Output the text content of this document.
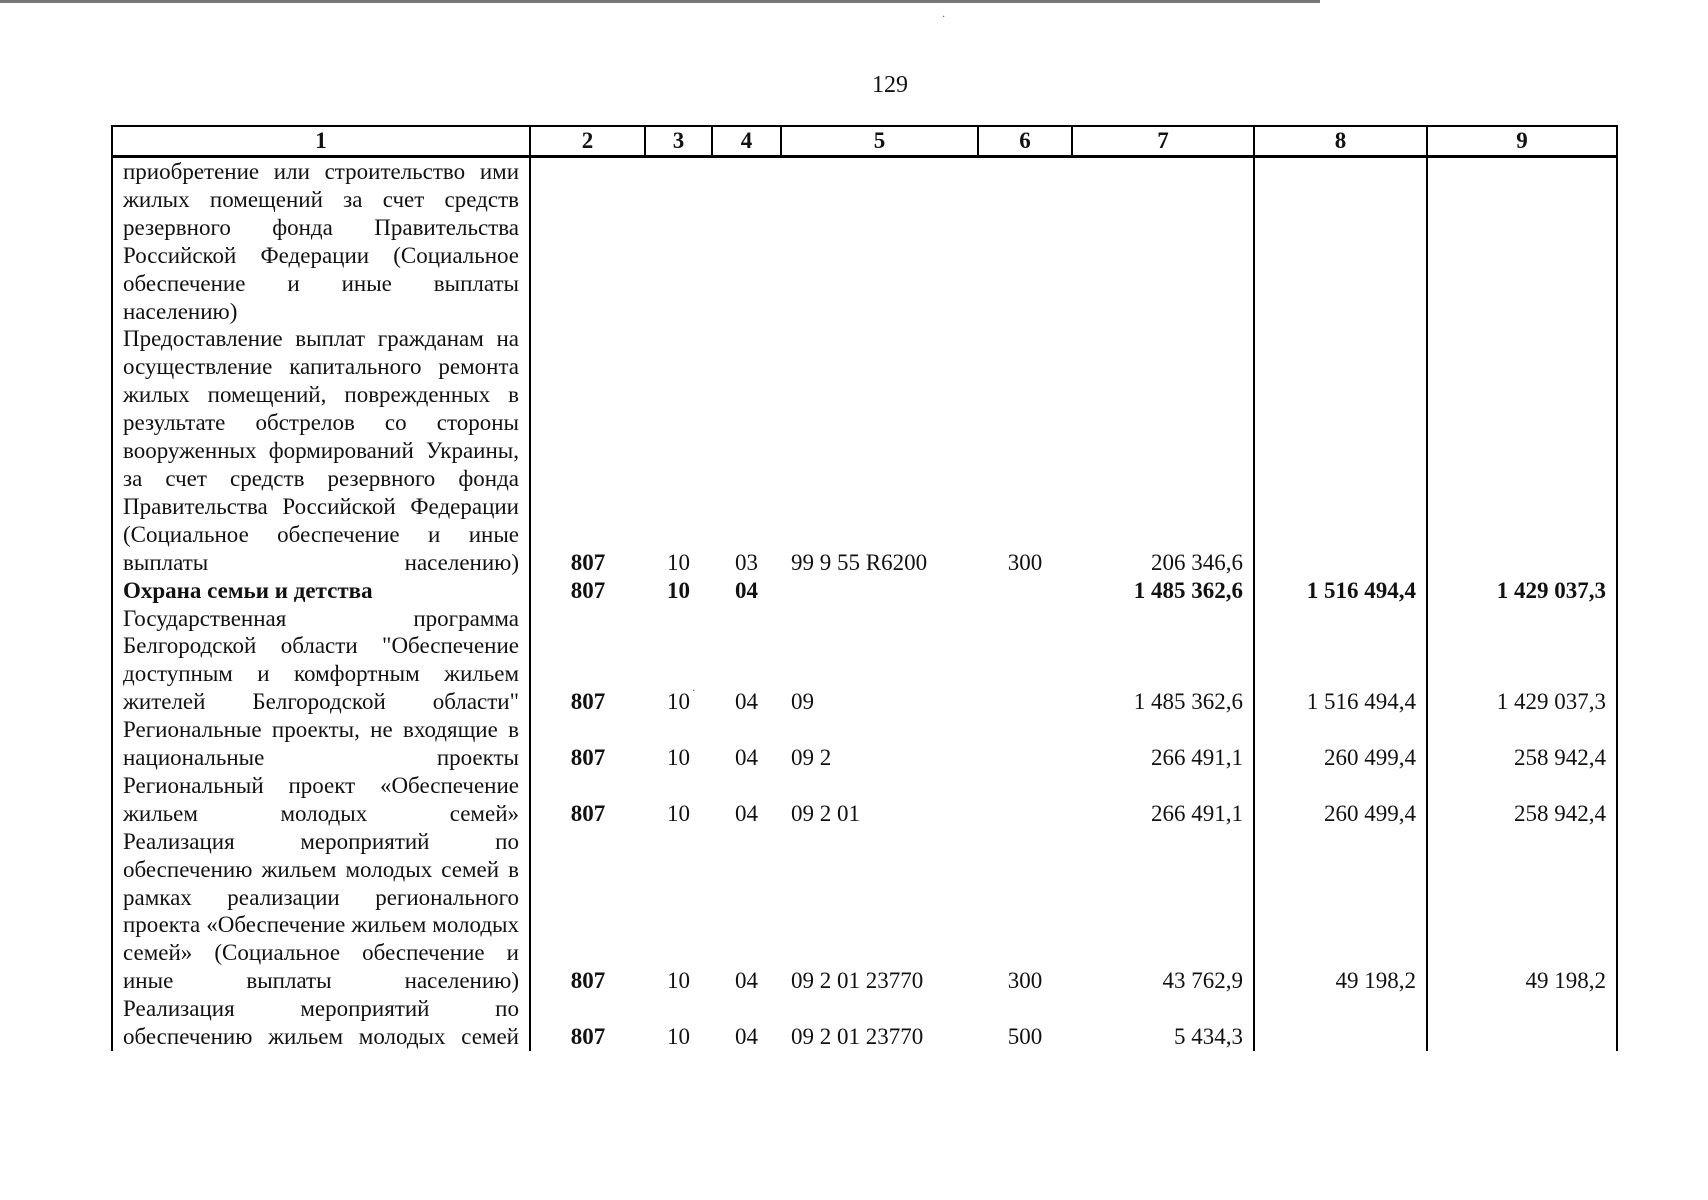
129
·
·
1	2	3	4	5	6	7	8	9
приобретение или строительство ими жилых помещений за счет средств резервного фонда Правительства Российской Федерации (Социальное обеспечение и иные выплаты населению)								
Предоставление выплат гражданам на осуществление капитального ремонта жилых помещений, поврежденных в результате обстрелов со стороны вооруженных формирований Украины, за счет средств резервного фонда Правительства Российской Федерации (Социальное обеспечение и иные выплаты населению)	807	10	03	99 9 55 R6200	300	206 346,6		
Охрана семьи и детства	807	10	04			1 485 362,6	1 516 494,4	1 429 037,3
Государственная программа Белгородской области "Обеспечение доступным и комфортным жильем жителей Белгородской области"	807	10	04	09		1 485 362,6	1 516 494,4	1 429 037,3
Региональные проекты, не входящие в национальные проекты	807	10	04	09 2		266 491,1	260 499,4	258 942,4
Региональный проект «Обеспечение жильем молодых семей»	807	10	04	09 2 01		266 491,1	260 499,4	258 942,4
Реализация мероприятий по обеспечению жильем молодых семей в рамках реализации регионального проекта «Обеспечение жильем молодых семей» (Социальное обеспечение и иные выплаты населению)	807	10	04	09 2 01 23770	300	43 762,9	49 198,2	49 198,2
Реализация мероприятий по обеспечению жильем молодых семей	807	10	04	09 2 01 23770	500	5 434,3		
